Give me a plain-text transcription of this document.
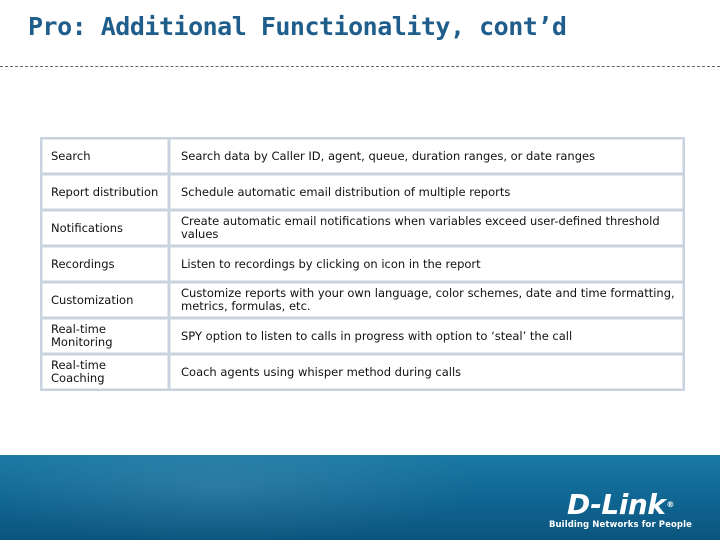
Pro: Additional Functionality, cont’d
Search	Search data by Caller ID, agent, queue, duration ranges, or date ranges
Report distribution	Schedule automatic email distribution of multiple reports
Notifications	Create automatic email notifications when variables exceed user-defined threshold values
Recordings	Listen to recordings by clicking on icon in the report
Customization	Customize reports with your own language, color schemes, date and time formatting, metrics, formulas, etc.
Real-time Monitoring	SPY option to listen to calls in progress with option to ‘steal’ the call
Real-time Coaching	Coach agents using whisper method during calls
D-Link®
Building Networks for People
